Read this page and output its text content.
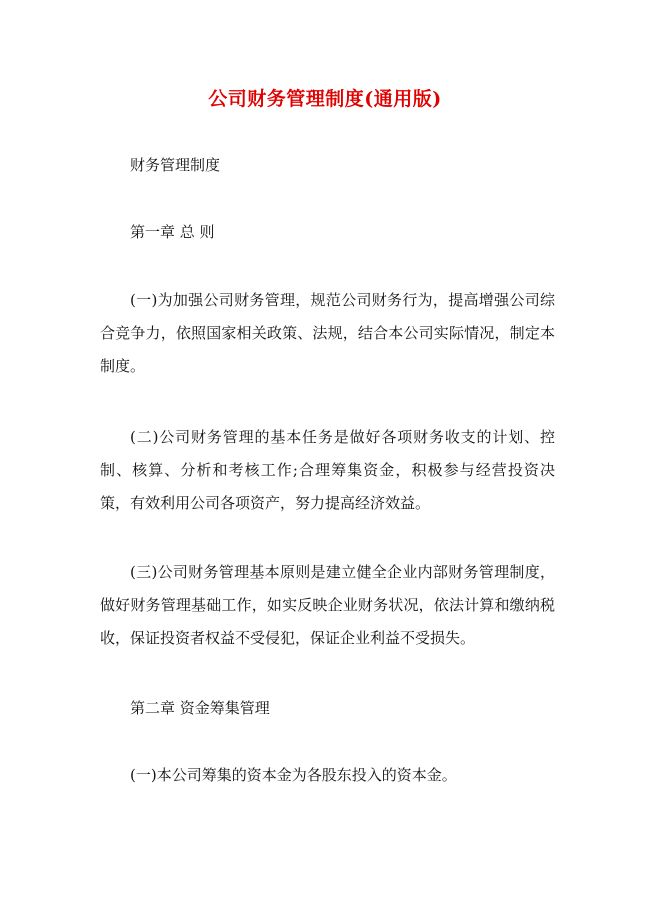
公司财务管理制度(通用版)
财务管理制度
第一章 总 则
(一)为加强公司财务管理，规范公司财务行为，提高增强公司综合竞争力，依照国家相关政策、法规，结合本公司实际情况，制定本制度。
(二)公司财务管理的基本任务是做好各项财务收支的计划、控制、核算、分析和考核工作;合理筹集资金，积极参与经营投资决策，有效利用公司各项资产，努力提高经济效益。
(三)公司财务管理基本原则是建立健全企业内部财务管理制度，做好财务管理基础工作，如实反映企业财务状况，依法计算和缴纳税收，保证投资者权益不受侵犯，保证企业利益不受损失。
第二章 资金筹集管理
(一)本公司筹集的资本金为各股东投入的资本金。
